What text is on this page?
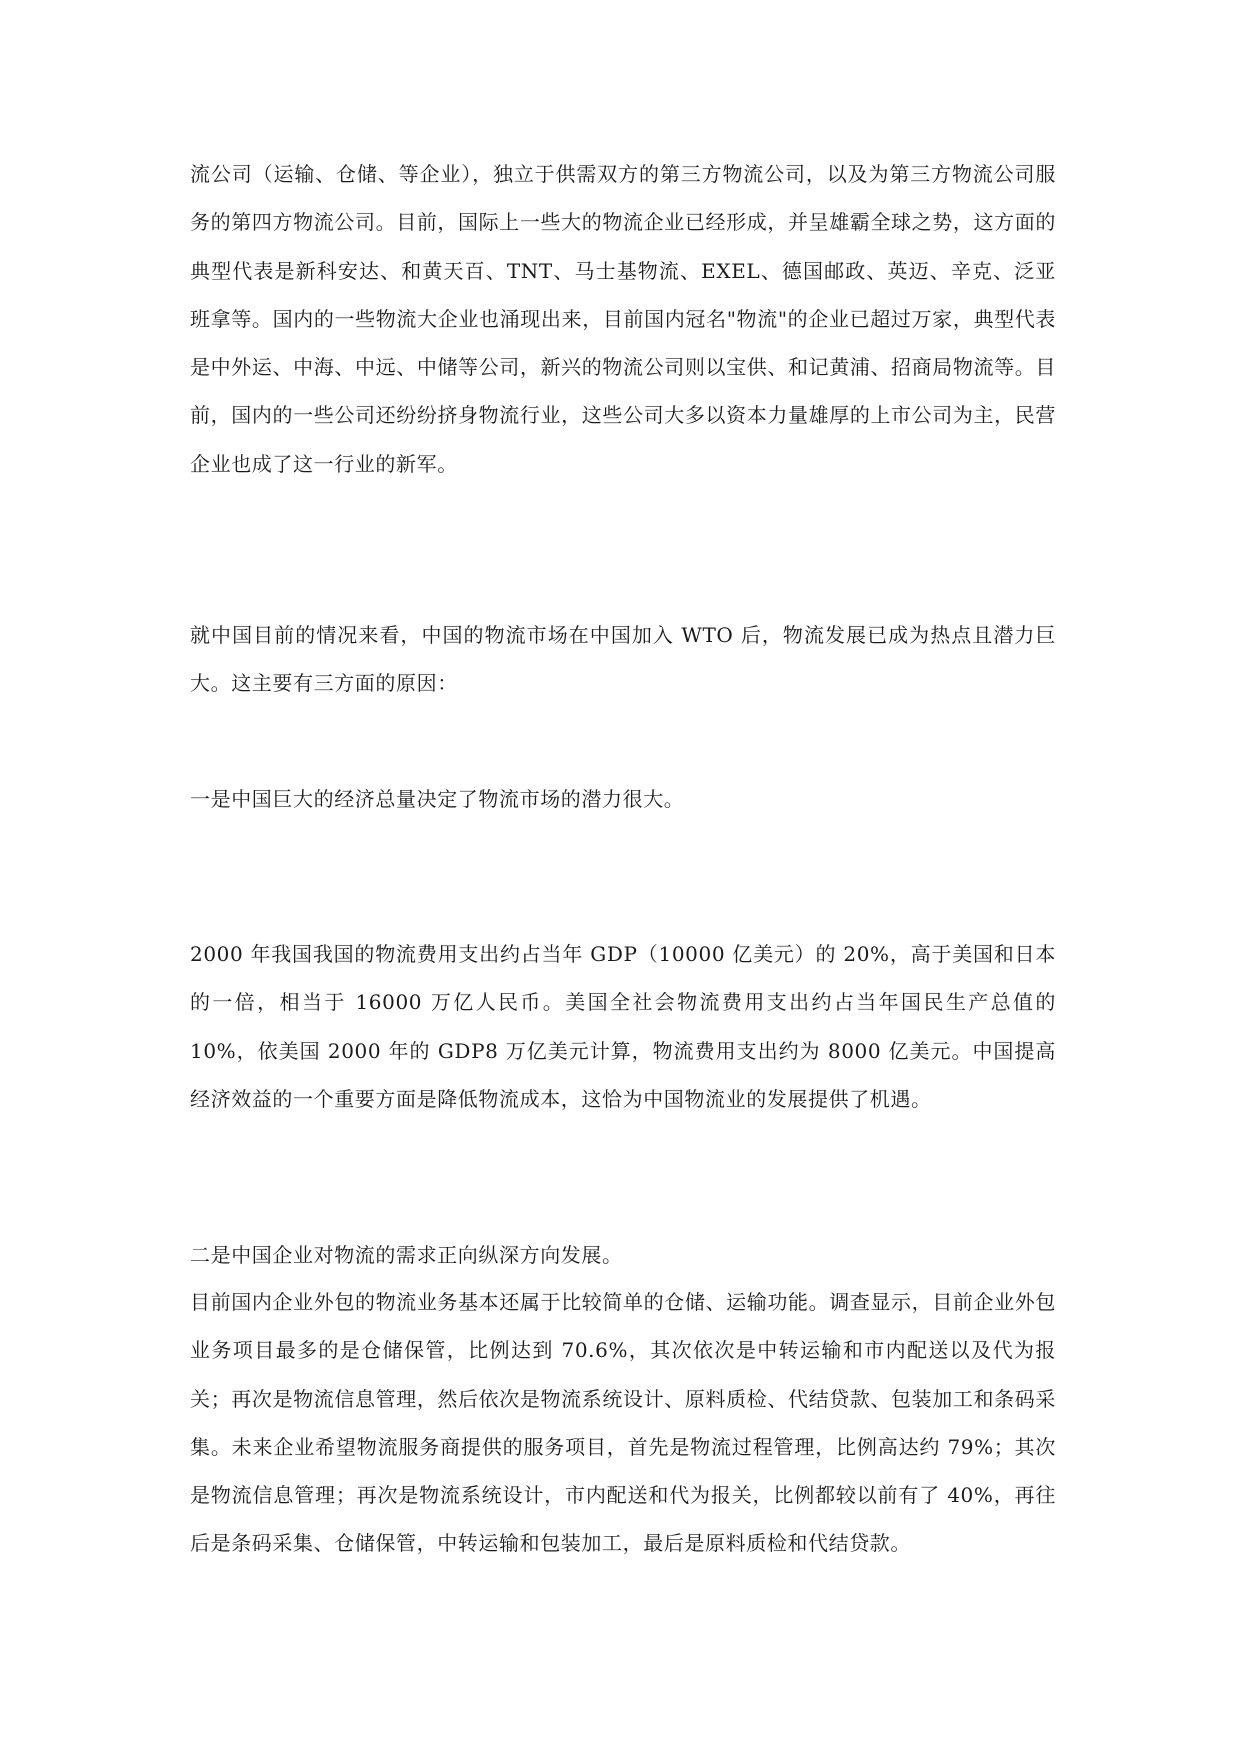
流公司（运输、仓储、等企业），独立于供需双方的第三方物流公司，以及为第三方物流公司服务的第四方物流公司。目前，国际上一些大的物流企业已经形成，并呈雄霸全球之势，这方面的典型代表是新科安达、和黄天百、TNT、马士基物流、EXEL、德国邮政、英迈、辛克、泛亚班拿等。国内的一些物流大企业也涌现出来，目前国内冠名"物流"的企业已超过万家，典型代表是中外运、中海、中远、中储等公司，新兴的物流公司则以宝供、和记黄浦、招商局物流等。目前，国内的一些公司还纷纷挤身物流行业，这些公司大多以资本力量雄厚的上市公司为主，民营企业也成了这一行业的新军。

就中国目前的情况来看，中国的物流市场在中国加入 WTO 后，物流发展已成为热点且潜力巨大。这主要有三方面的原因：

一是中国巨大的经济总量决定了物流市场的潜力很大。

2000 年我国我国的物流费用支出约占当年 GDP（10000 亿美元）的 20%，高于美国和日本的一倍，相当于 16000 万亿人民币。美国全社会物流费用支出约占当年国民生产总值的 10%，依美国 2000 年的 GDP8 万亿美元计算，物流费用支出约为 8000 亿美元。中国提高经济效益的一个重要方面是降低物流成本，这恰为中国物流业的发展提供了机遇。

二是中国企业对物流的需求正向纵深方向发展。

目前国内企业外包的物流业务基本还属于比较简单的仓储、运输功能。调查显示，目前企业外包业务项目最多的是仓储保管，比例达到 70.6%，其次依次是中转运输和市内配送以及代为报关；再次是物流信息管理，然后依次是物流系统设计、原料质检、代结贷款、包装加工和条码采集。未来企业希望物流服务商提供的服务项目，首先是物流过程管理，比例高达约 79%；其次是物流信息管理；再次是物流系统设计，市内配送和代为报关，比例都较以前有了 40%，再往后是条码采集、仓储保管，中转运输和包装加工，最后是原料质检和代结贷款。
